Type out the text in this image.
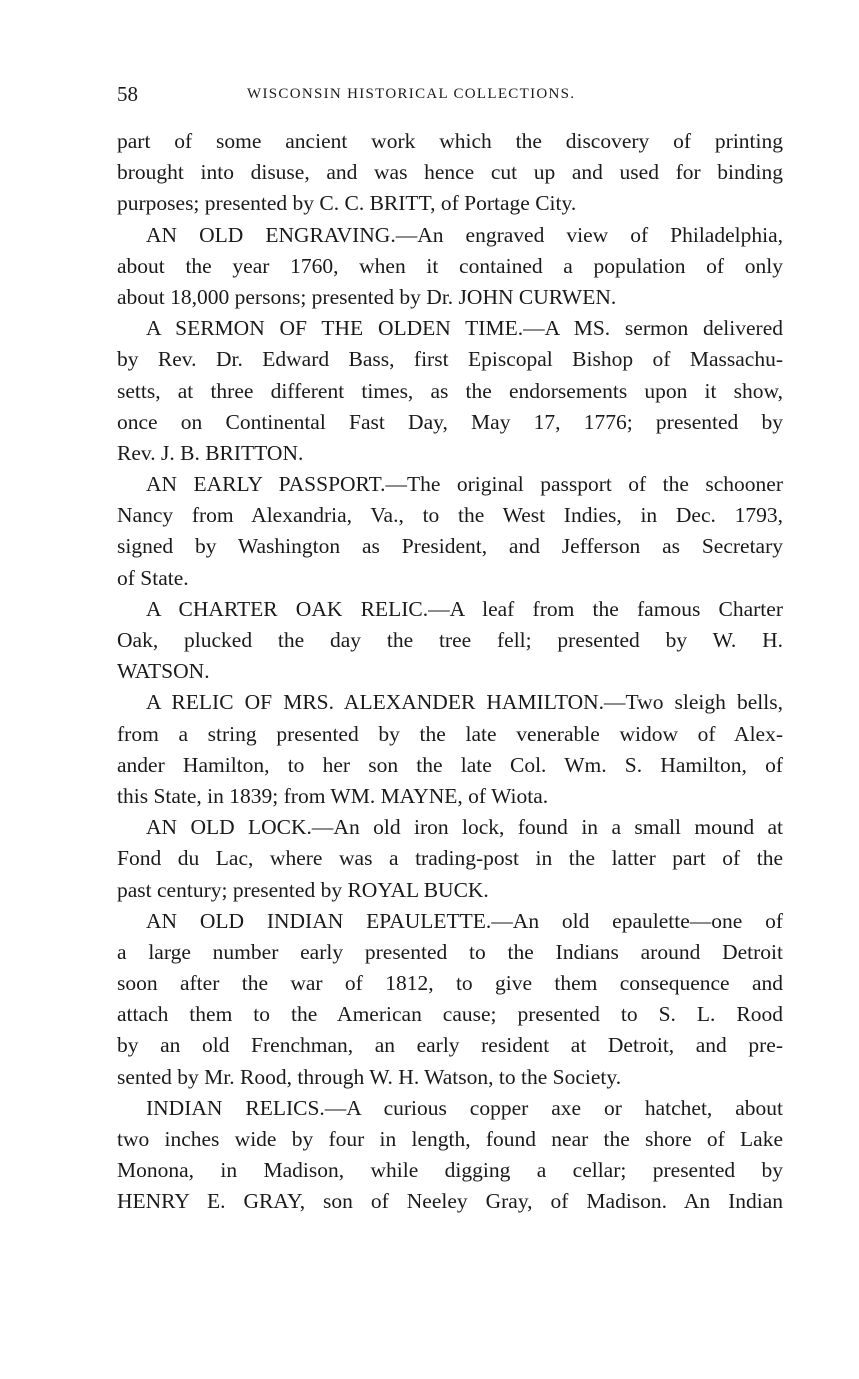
58	WISCONSIN HISTORICAL COLLECTIONS.
part of some ancient work which the discovery of printing
brought into disuse, and was hence cut up and used for binding
purposes; presented by C. C. BRITT, of Portage City.
AN OLD ENGRAVING.—An engraved view of Philadelphia,
about the year 1760, when it contained a population of only
about 18,000 persons; presented by Dr. JOHN CURWEN.
A SERMON OF THE OLDEN TIME.—A MS. sermon delivered
by Rev. Dr. Edward Bass, first Episcopal Bishop of Massachu-
setts, at three different times, as the endorsements upon it show,
once on Continental Fast Day, May 17, 1776; presented by
Rev. J. B. BRITTON.
AN EARLY PASSPORT.—The original passport of the schooner
Nancy from Alexandria, Va., to the West Indies, in Dec. 1793,
signed by Washington as President, and Jefferson as Secretary
of State.
A CHARTER OAK RELIC.—A leaf from the famous Charter
Oak, plucked the day the tree fell; presented by W. H.
WATSON.
A RELIC OF MRS. ALEXANDER HAMILTON.—Two sleigh bells,
from a string presented by the late venerable widow of Alex-
ander Hamilton, to her son the late Col. Wm. S. Hamilton, of
this State, in 1839; from WM. MAYNE, of Wiota.
AN OLD LOCK.—An old iron lock, found in a small mound at
Fond du Lac, where was a trading-post in the latter part of the
past century; presented by ROYAL BUCK.
AN OLD INDIAN EPAULETTE.—An old epaulette—one of
a large number early presented to the Indians around Detroit
soon after the war of 1812, to give them consequence and
attach them to the American cause; presented to S. L. Rood
by an old Frenchman, an early resident at Detroit, and pre-
sented by Mr. Rood, through W. H. Watson, to the Society.
INDIAN RELICS.—A curious copper axe or hatchet, about
two inches wide by four in length, found near the shore of Lake
Monona, in Madison, while digging a cellar; presented by
HENRY E. GRAY, son of Neeley Gray, of Madison. An Indian
